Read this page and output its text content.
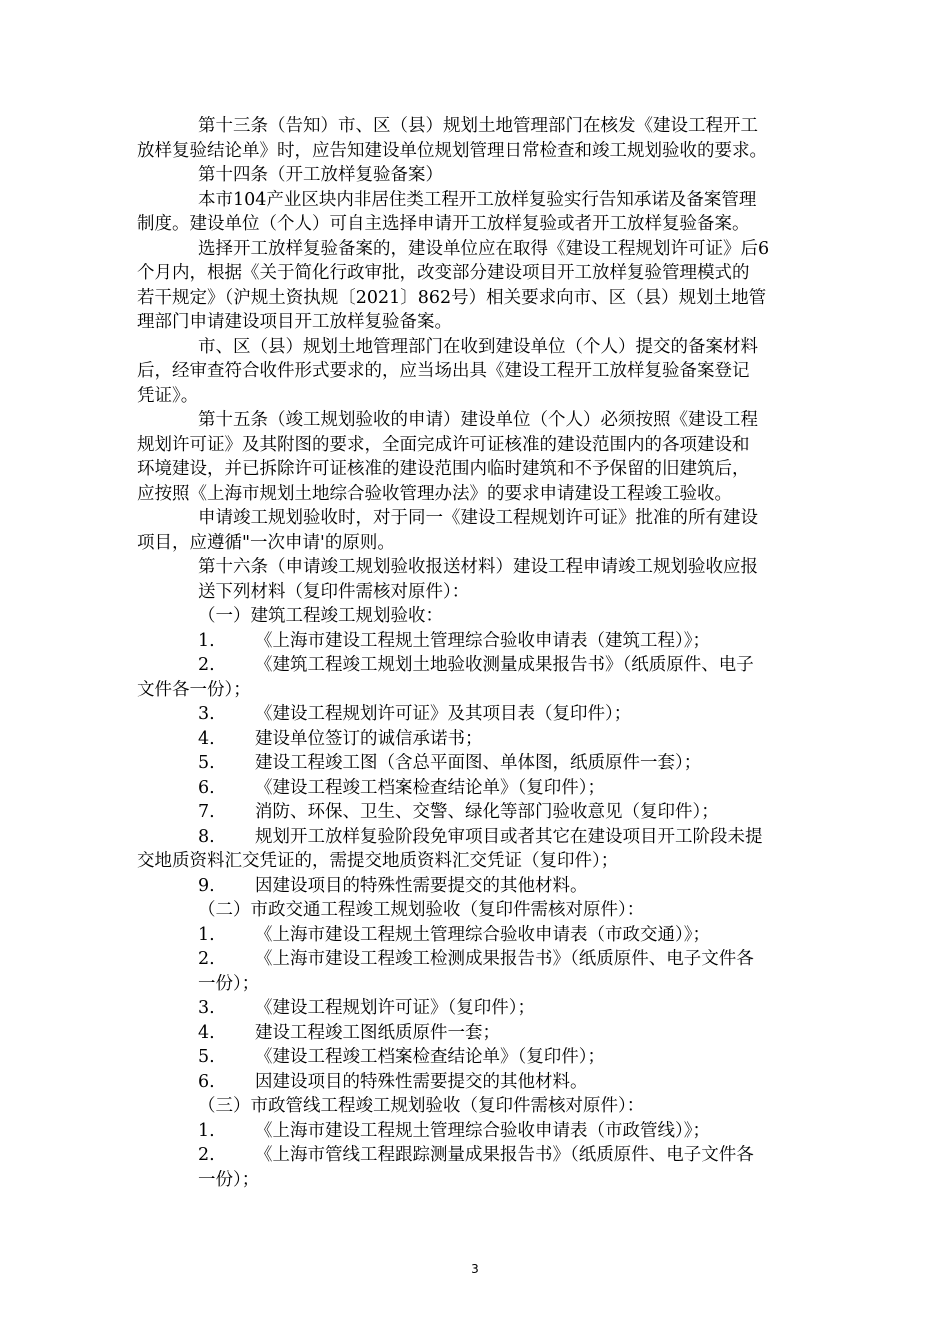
第十三条（告知）市、区（县）规划土地管理部门在核发《建设工程开工
放样复验结论单》时，应告知建设单位规划管理日常检查和竣工规划验收的要求。
第十四条（开工放样复验备案）
本市104产业区块内非居住类工程开工放样复验实行告知承诺及备案管理
制度。建设单位（个人）可自主选择申请开工放样复验或者开工放样复验备案。
选择开工放样复验备案的，建设单位应在取得《建设工程规划许可证》后6
个月内，根据《关于简化行政审批，改变部分建设项目开工放样复验管理模式的
若干规定》（沪规土资执规〔2021〕862号）相关要求向市、区（县）规划土地管
理部门申请建设项目开工放样复验备案。
市、区（县）规划土地管理部门在收到建设单位（个人）提交的备案材料
后，经审查符合收件形式要求的，应当场出具《建设工程开工放样复验备案登记
凭证》。
第十五条（竣工规划验收的申请）建设单位（个人）必须按照《建设工程
规划许可证》及其附图的要求，全面完成许可证核准的建设范围内的各项建设和
环境建设，并已拆除许可证核准的建设范围内临时建筑和不予保留的旧建筑后，
应按照《上海市规划土地综合验收管理办法》的要求申请建设工程竣工验收。
申请竣工规划验收时，对于同一《建设工程规划许可证》批准的所有建设
项目，应遵循"一次申请'的原则。
第十六条（申请竣工规划验收报送材料）建设工程申请竣工规划验收应报
送下列材料（复印件需核对原件）：
（一）建筑工程竣工规划验收：
1. 《上海市建设工程规土管理综合验收申请表（建筑工程）》；
2. 《建筑工程竣工规划土地验收测量成果报告书》（纸质原件、电子
文件各一份）；
3. 《建设工程规划许可证》及其项目表（复印件）；
4. 建设单位签订的诚信承诺书；
5. 建设工程竣工图（含总平面图、单体图，纸质原件一套）；
6. 《建设工程竣工档案检查结论单》（复印件）；
7. 消防、环保、卫生、交警、绿化等部门验收意见（复印件）；
8. 规划开工放样复验阶段免审项目或者其它在建设项目开工阶段未提
交地质资料汇交凭证的，需提交地质资料汇交凭证（复印件）；
9. 因建设项目的特殊性需要提交的其他材料。
（二）市政交通工程竣工规划验收（复印件需核对原件）：
1. 《上海市建设工程规土管理综合验收申请表（市政交通）》；
2. 《上海市建设工程竣工检测成果报告书》（纸质原件、电子文件各
一份）；
3. 《建设工程规划许可证》（复印件）；
4. 建设工程竣工图纸质原件一套；
5. 《建设工程竣工档案检查结论单》（复印件）；
6. 因建设项目的特殊性需要提交的其他材料。
（三）市政管线工程竣工规划验收（复印件需核对原件）：
1. 《上海市建设工程规土管理综合验收申请表（市政管线）》；
2. 《上海市管线工程跟踪测量成果报告书》（纸质原件、电子文件各
一份）；
3
